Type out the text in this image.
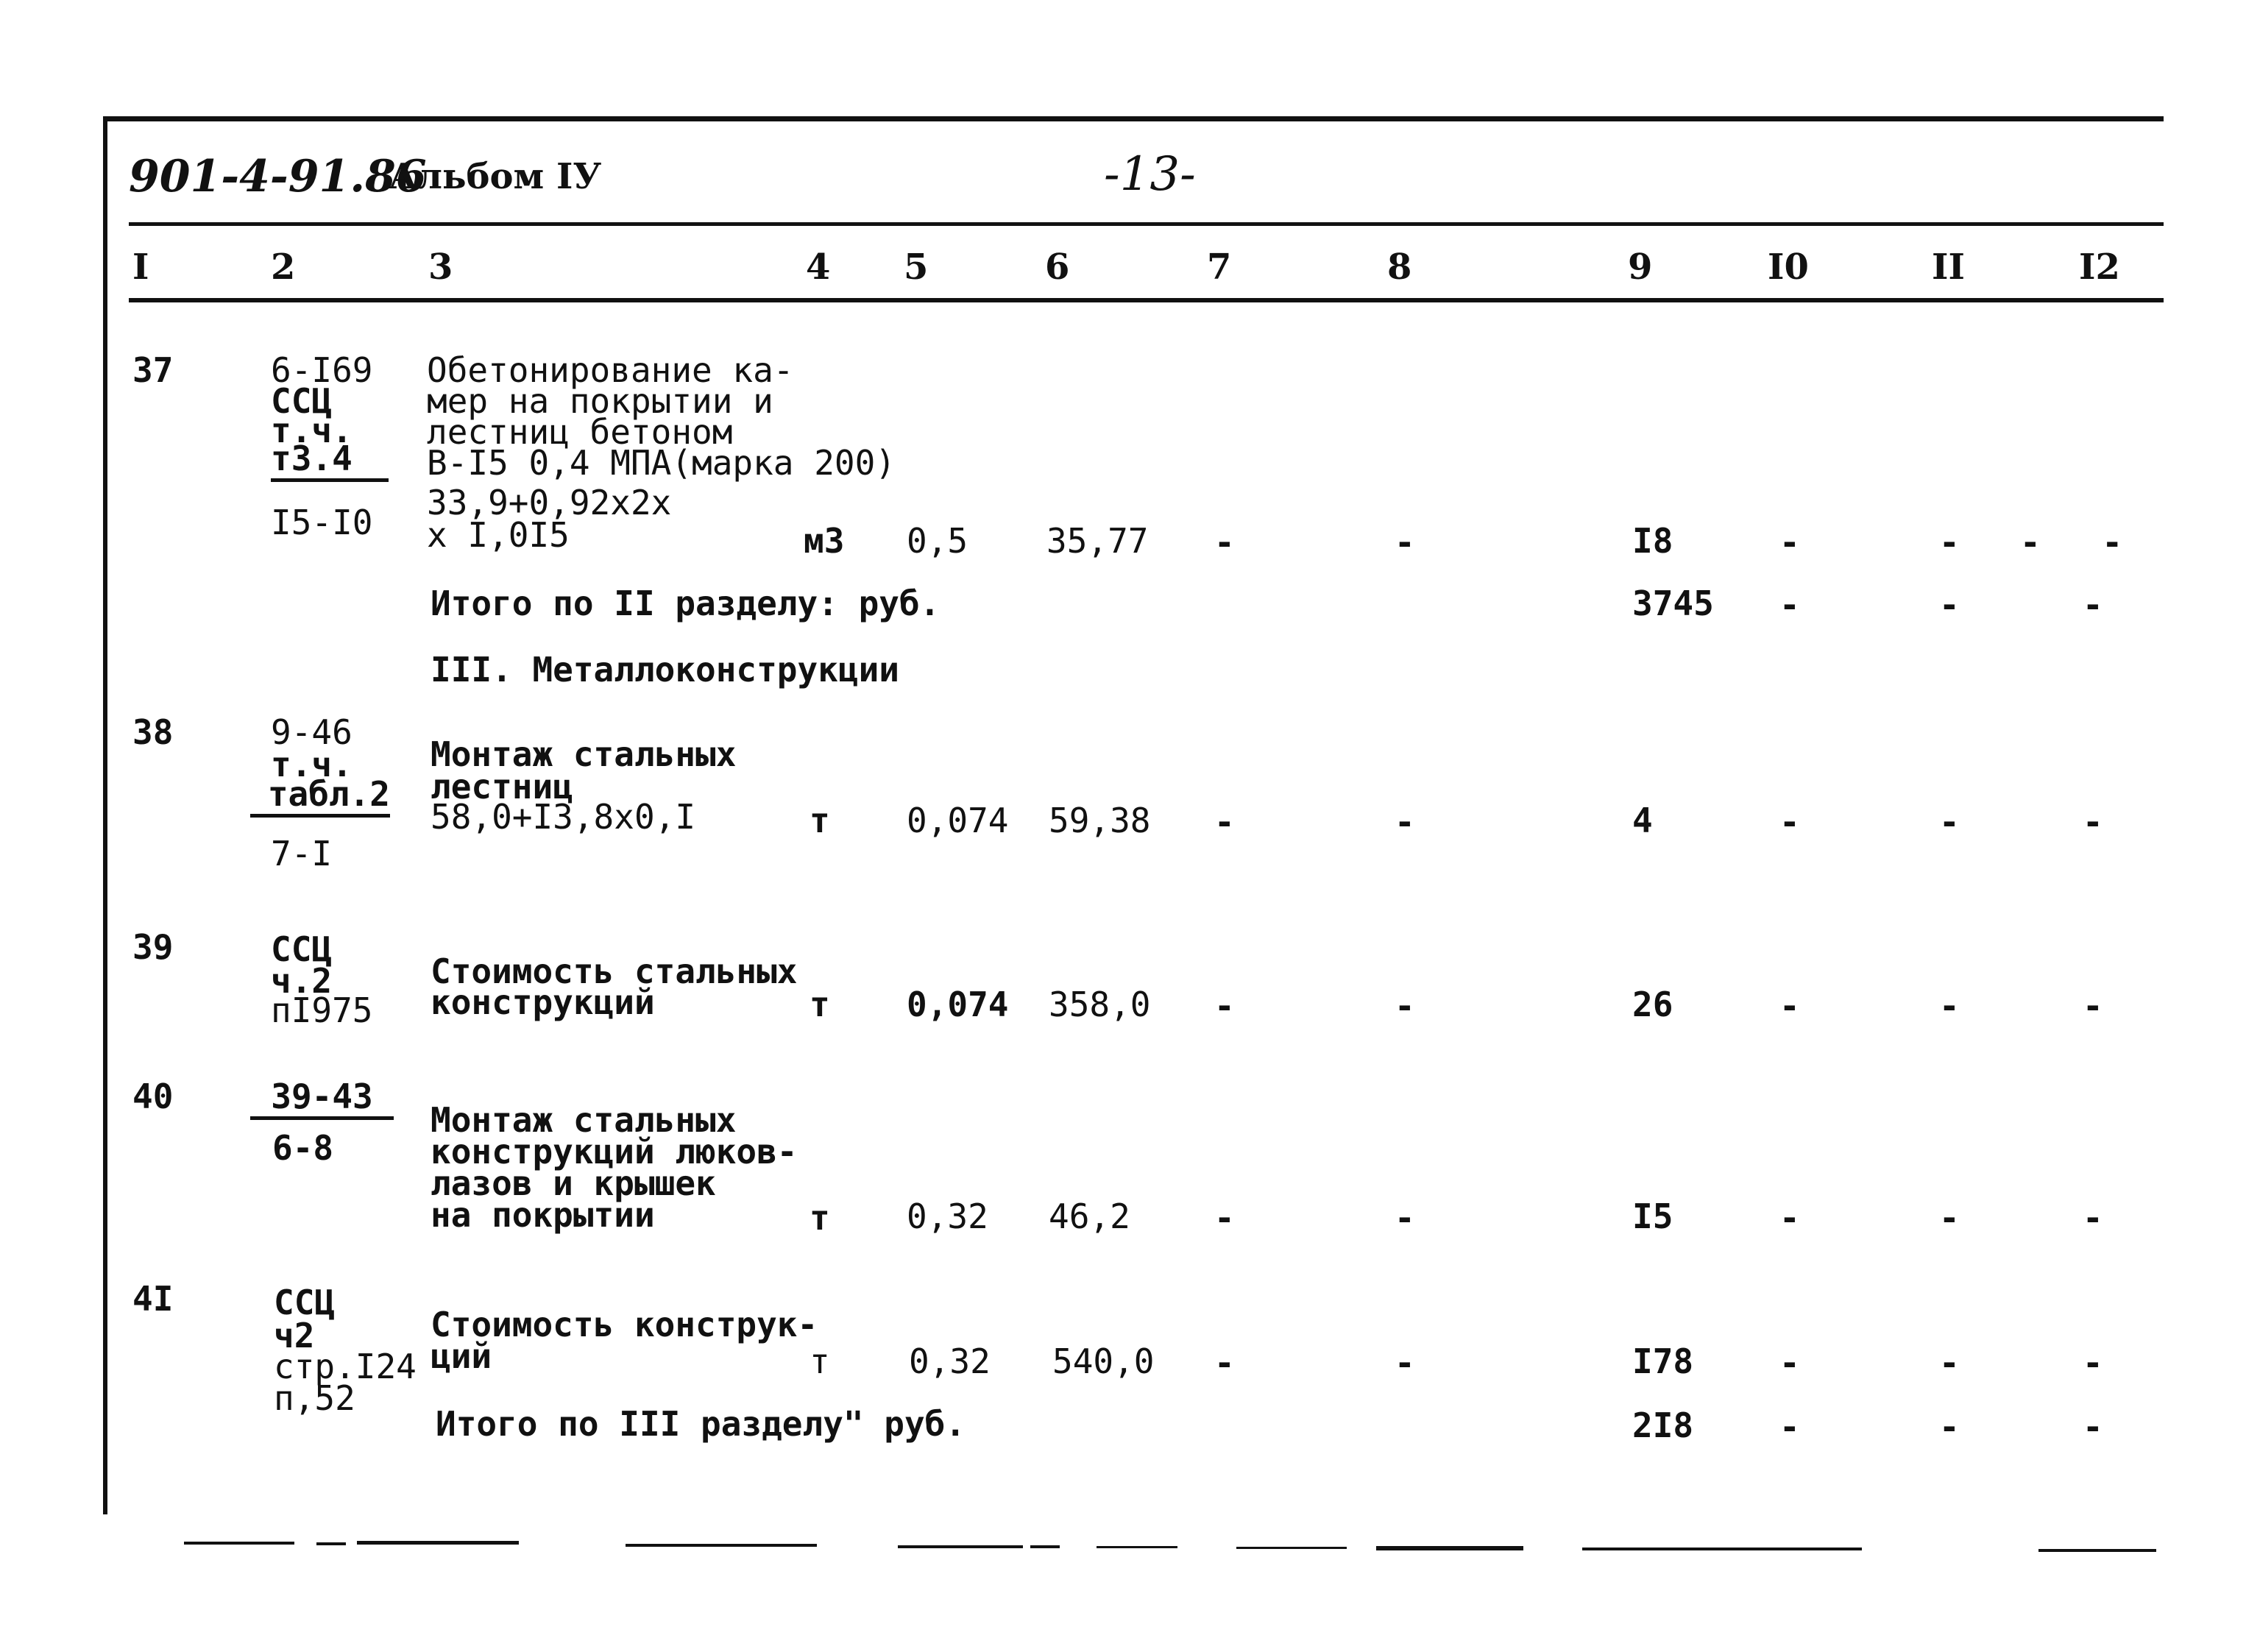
901-4-91.86
Альбом IУ	-13-
I	2	3	4 5	6	7	8	9	I0	II	I2
37	6-I69
ССЦ
т.ч.
т3.4
I5-I0
Обетонирование ка-
мер на покрытии и
лестниц бетоном
В-I5 0,4 МПА(марка 200)
33,9+0,92х2х
х I,0I5	м3 0,5 35,77 -	-	I8	-	- - -
Итого по II разделу: руб.	3745 -	-	-
III. Металлоконструкции
38	9-46
т.ч.
табл.2
7-I
Монтаж стальных
лестниц
58,0+I3,8х0,I	т 0,074 59,38 -	-	4	-	-	-
39	ССЦ
ч.2
пI975
Стоимость стальных
конструкций	т 0,074 358,0 -	-	26	-	-	-
40	39-43
6-8
Монтаж стальных
конструкций люков-
лазов и крышек
на покрытии	т 0,32 46,2 -	-	I5	-	-	-
4I	ССЦ
ч2
стр.I24
п,52
Стоимость конструк-
ций	т 0,32 540,0 -	-	I78	-	-	-
Итого по III разделу" руб.	2I8	-	-	-
